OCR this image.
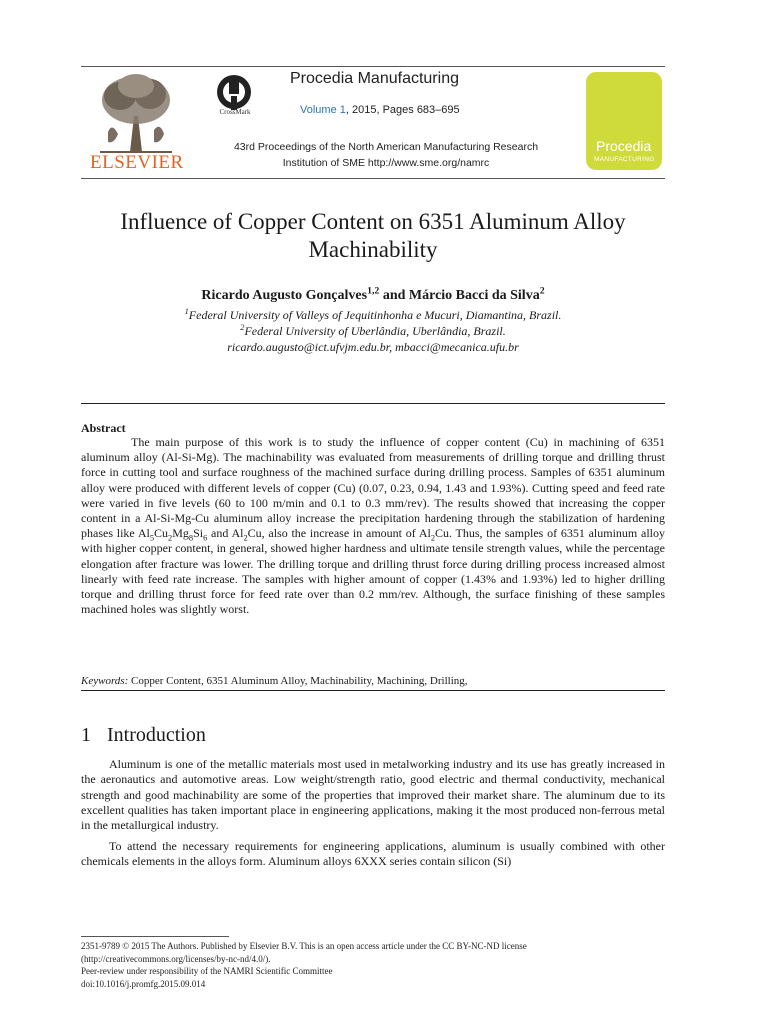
ELSEVIER
CrossMark
Procedia Manufacturing
Volume 1, 2015, Pages 683–695
43rd Proceedings of the North American Manufacturing Research
Institution of SME http://www.sme.org/namrc
Procedia
MANUFACTURING
Influence of Copper Content on 6351 Aluminum Alloy
Machinability
Ricardo Augusto Gonçalves$^{1,2}$ and Márcio Bacci da Silva$^2$
$^1$Federal University of Valleys of Jequitinhonha e Mucuri, Diamantina, Brazil.
$^2$Federal University of Uberlândia, Uberlândia, Brazil.
ricardo.augusto@ict.ufvjm.edu.br, mbacci@mecanica.ufu.br
Abstract
The main purpose of this work is to study the influence of copper content (Cu) in machining of 6351 aluminum alloy (Al-Si-Mg). The machinability was evaluated from measurements of drilling torque and drilling thrust force in cutting tool and surface roughness of the machined surface during drilling process. Samples of 6351 aluminum alloy were produced with different levels of copper (Cu) (0.07, 0.23, 0.94, 1.43 and 1.93%). Cutting speed and feed rate were varied in five levels (60 to 100 m/min and 0.1 to 0.3 mm/rev). The results showed that increasing the copper content in a Al-Si-Mg-Cu aluminum alloy increase the precipitation hardening through the stabilization of hardening phases like $Al_5Cu_2Mg_8Si_6$ and $Al_2Cu$, also the increase in amount of $Al_2Cu$. Thus, the samples of 6351 aluminum alloy with higher copper content, in general, showed higher hardness and ultimate tensile strength values, while the percentage elongation after fracture was lower. The drilling torque and drilling thrust force during drilling process increased almost linearly with feed rate increase. The samples with higher amount of copper (1.43% and 1.93%) led to higher drilling torque and drilling thrust force for feed rate over than 0.2 mm/rev. Although, the surface finishing of these samples machined holes was slightly worst.
Keywords: Copper Content, 6351 Aluminum Alloy, Machinability, Machining, Drilling,
1 Introduction
Aluminum is one of the metallic materials most used in metalworking industry and its use has greatly increased in the aeronautics and automotive areas. Low weight/strength ratio, good electric and thermal conductivity, mechanical strength and good machinability are some of the properties that improved their market share. The aluminum due to its excellent qualities has taken important place in engineering applications, making it the most produced non-ferrous metal in the metallurgical industry.
To attend the necessary requirements for engineering applications, aluminum is usually combined with other chemicals elements in the alloys form. Aluminum alloys 6XXX series contain silicon (Si)
2351-9789 © 2015 The Authors. Published by Elsevier B.V. This is an open access article under the CC BY-NC-ND license
(http://creativecommons.org/licenses/by-nc-nd/4.0/).
Peer-review under responsibility of the NAMRI Scientific Committee
doi:10.1016/j.promfg.2015.09.014
